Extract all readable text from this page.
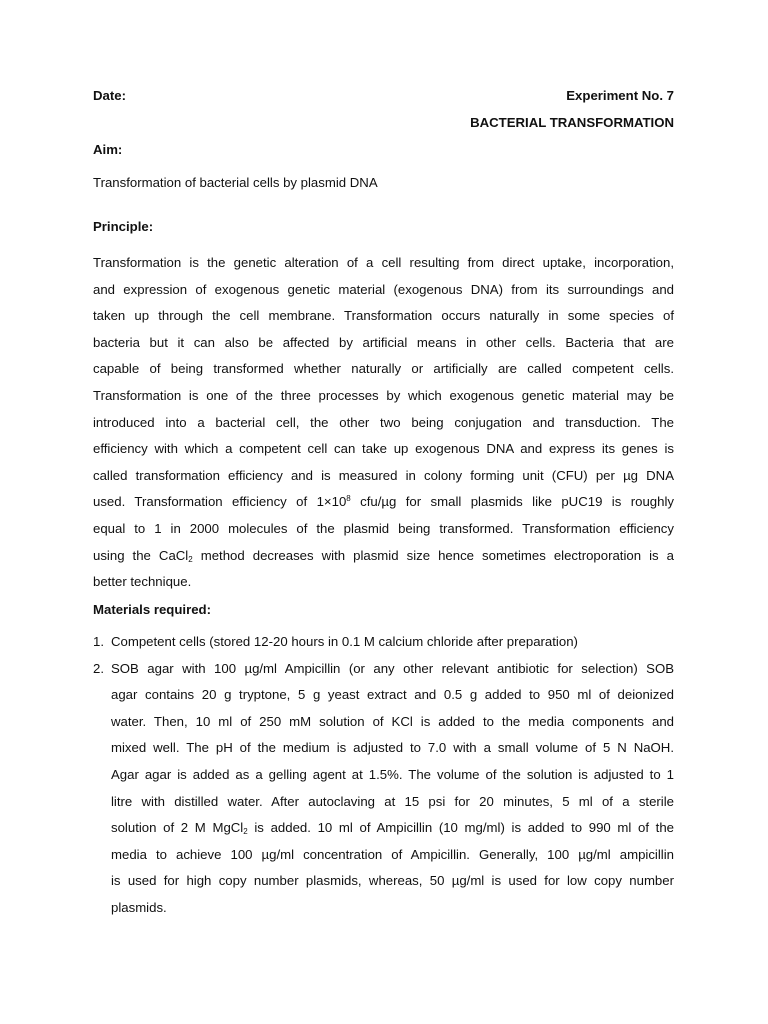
Date:	Experiment No. 7
BACTERIAL TRANSFORMATION
Aim:
Transformation of bacterial cells by plasmid DNA
Principle:
Transformation is the genetic alteration of a cell resulting from direct uptake, incorporation,
and expression of exogenous genetic material (exogenous DNA) from its surroundings and
taken up through the cell membrane. Transformation occurs naturally in some species of
bacteria but it can also be affected by artificial means in other cells. Bacteria that are
capable of being transformed whether naturally or artificially are called competent cells.
Transformation is one of the three processes by which exogenous genetic material may be
introduced into a bacterial cell, the other two being conjugation and transduction. The
efficiency with which a competent cell can take up exogenous DNA and express its genes is
called transformation efficiency and is measured in colony forming unit (CFU) per µg DNA
used. Transformation efficiency of $1\times 10^8$ cfu/µg for small plasmids like pUC19 is roughly
equal to 1 in 2000 molecules of the plasmid being transformed. Transformation efficiency
using the CaCl$_2$ method decreases with plasmid size hence sometimes electroporation is a
better technique.
Materials required:
1. Competent cells (stored 12-20 hours in 0.1 M calcium chloride after preparation)
2. SOB agar with 100 µg/ml Ampicillin (or any other relevant antibiotic for selection) SOB
agar contains 20 g tryptone, 5 g yeast extract and 0.5 g added to 950 ml of deionized
water. Then, 10 ml of 250 mM solution of KCl is added to the media components and
mixed well. The pH of the medium is adjusted to 7.0 with a small volume of 5 N NaOH.
Agar agar is added as a gelling agent at 1.5%. The volume of the solution is adjusted to 1
litre with distilled water. After autoclaving at 15 psi for 20 minutes, 5 ml of a sterile
solution of 2 M MgCl$_2$ is added. 10 ml of Ampicillin (10 mg/ml) is added to 990 ml of the
media to achieve 100 µg/ml concentration of Ampicillin. Generally, 100 µg/ml ampicillin
is used for high copy number plasmids, whereas, 50 µg/ml is used for low copy number
plasmids.
